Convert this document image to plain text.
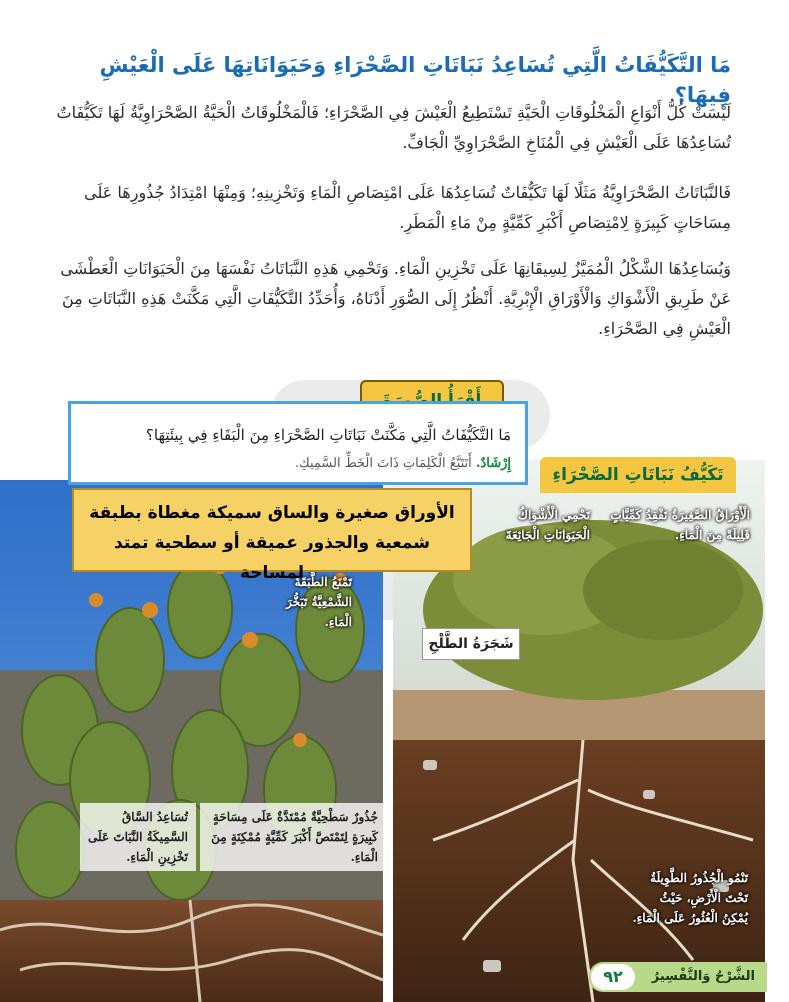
مَا التَّكَيُّفَاتُ الَّتِي تُسَاعِدُ نَبَاتَاتِ الصَّحْرَاءِ وَحَيَوَانَاتِهَا عَلَى الْعَيْشِ فِيهَا؟
لَيْسَتْ كُلُّ أَنْوَاعِ الْمَخْلُوقَاتِ الْحَيَّةِ تَسْتَطِيعُ الْعَيْشَ فِي الصَّحْرَاءِ؛ فَالْمَخْلُوقَاتُ الْحَيَّةُ الصَّحْرَاوِيَّةُ لَهَا تَكَيُّفَاتٌ تُسَاعِدُهَا عَلَى الْعَيْشِ فِي الْمُنَاخِ الصَّحْرَاوِيِّ الْجَافِّ.
فَالنَّبَاتَاتُ الصَّحْرَاوِيَّةُ مَثَلًا لَهَا تَكَيُّفَاتٌ تُسَاعِدُهَا عَلَى امْتِصَاصِ الْمَاءِ وَتَخْزِينِهِ؛ وَمِنْهَا امْتِدَادُ جُذُورِهَا عَلَى مِسَاحَاتٍ كَبِيرَةٍ لِامْتِصَاصِ أَكْبَرِ كَمِّيَّةٍ مِنْ مَاءِ الْمَطَرِ.
وَيُسَاعِدُهَا الشَّكْلُ الْمُمَيَّزُ لِسِيقَانِهَا عَلَى تَخْزِينِ الْمَاءِ. وَتَحْمِي هَذِهِ النَّبَاتَاتُ نَفْسَهَا مِنَ الْحَيَوَانَاتِ الْعَطْشَى عَنْ طَرِيقِ الْأَشْوَاكِ وَالْأَوْرَاقِ الْإِبْرِيَّةِ. أَنْظُرُ إِلَى الصُّوَرِ أَدْنَاهُ، وَأُحَدِّدُ التَّكَيُّفَاتِ الَّتِي مَكَّنَتْ هَذِهِ النَّبَاتَاتِ مِنَ الْعَيْشِ فِي الصَّحْرَاءِ.
تَكَيُّفُ نَبَاتَاتِ الصَّحْرَاءِ
الْأَوْرَاقُ الصَّغِيرَةُ تَفْقِدُ كَمِّيَّاتٍ قَلِيلَةً مِنَ الْمَاءِ.
تَحْمِي الْأَشْوَاكُ الْحَيَوَانَاتِ الْجَائِعَةَ
شَجَرَةُ الطَّلْحِ
تَنْمُو الْجُذُورُ الطَّوِيلَةُ تَحْتَ الْأَرْضِ، حَيْثُ يُمْكِنُ الْعُثُورُ عَلَى الْمَاءِ.
تَمْنَعُ الطَّبَقَةُ الشَّمْعِيَّةُ تَبَخُّرَ الْمَاءِ.
جُذُورٌ سَطْحِيَّةٌ مُمْتَدَّةٌ عَلَى مِسَاحَةٍ كَبِيرَةٍ لِتَمْتَصَّ أَكْبَرَ كَمِّيَّةٍ مُمْكِنَةٍ مِنَ الْمَاءِ.
تُسَاعِدُ السَّاقُ السَّمِيكَةُ النَّبَاتَ عَلَى تَخْزِينِ الْمَاءِ.
مَا التَّكَيُّفَاتُ الَّتِي مَكَّنَتْ نَبَاتَاتِ الصَّحْرَاءِ مِنَ الْبَقَاءِ فِي بِيئَتِهَا؟
إِرْشَادٌ. أَتَتَبَّعُ الْكَلِمَاتِ ذَاتَ الْخَطِّ السَّمِيكِ.
الأوراق صغيرة والساق سميكة مغطاة بطبقة
شمعية والجذور عميقة أو سطحية تمتد لمساحة
٩٢	الشَّرْحُ وَالتَّفْسِيرُ
